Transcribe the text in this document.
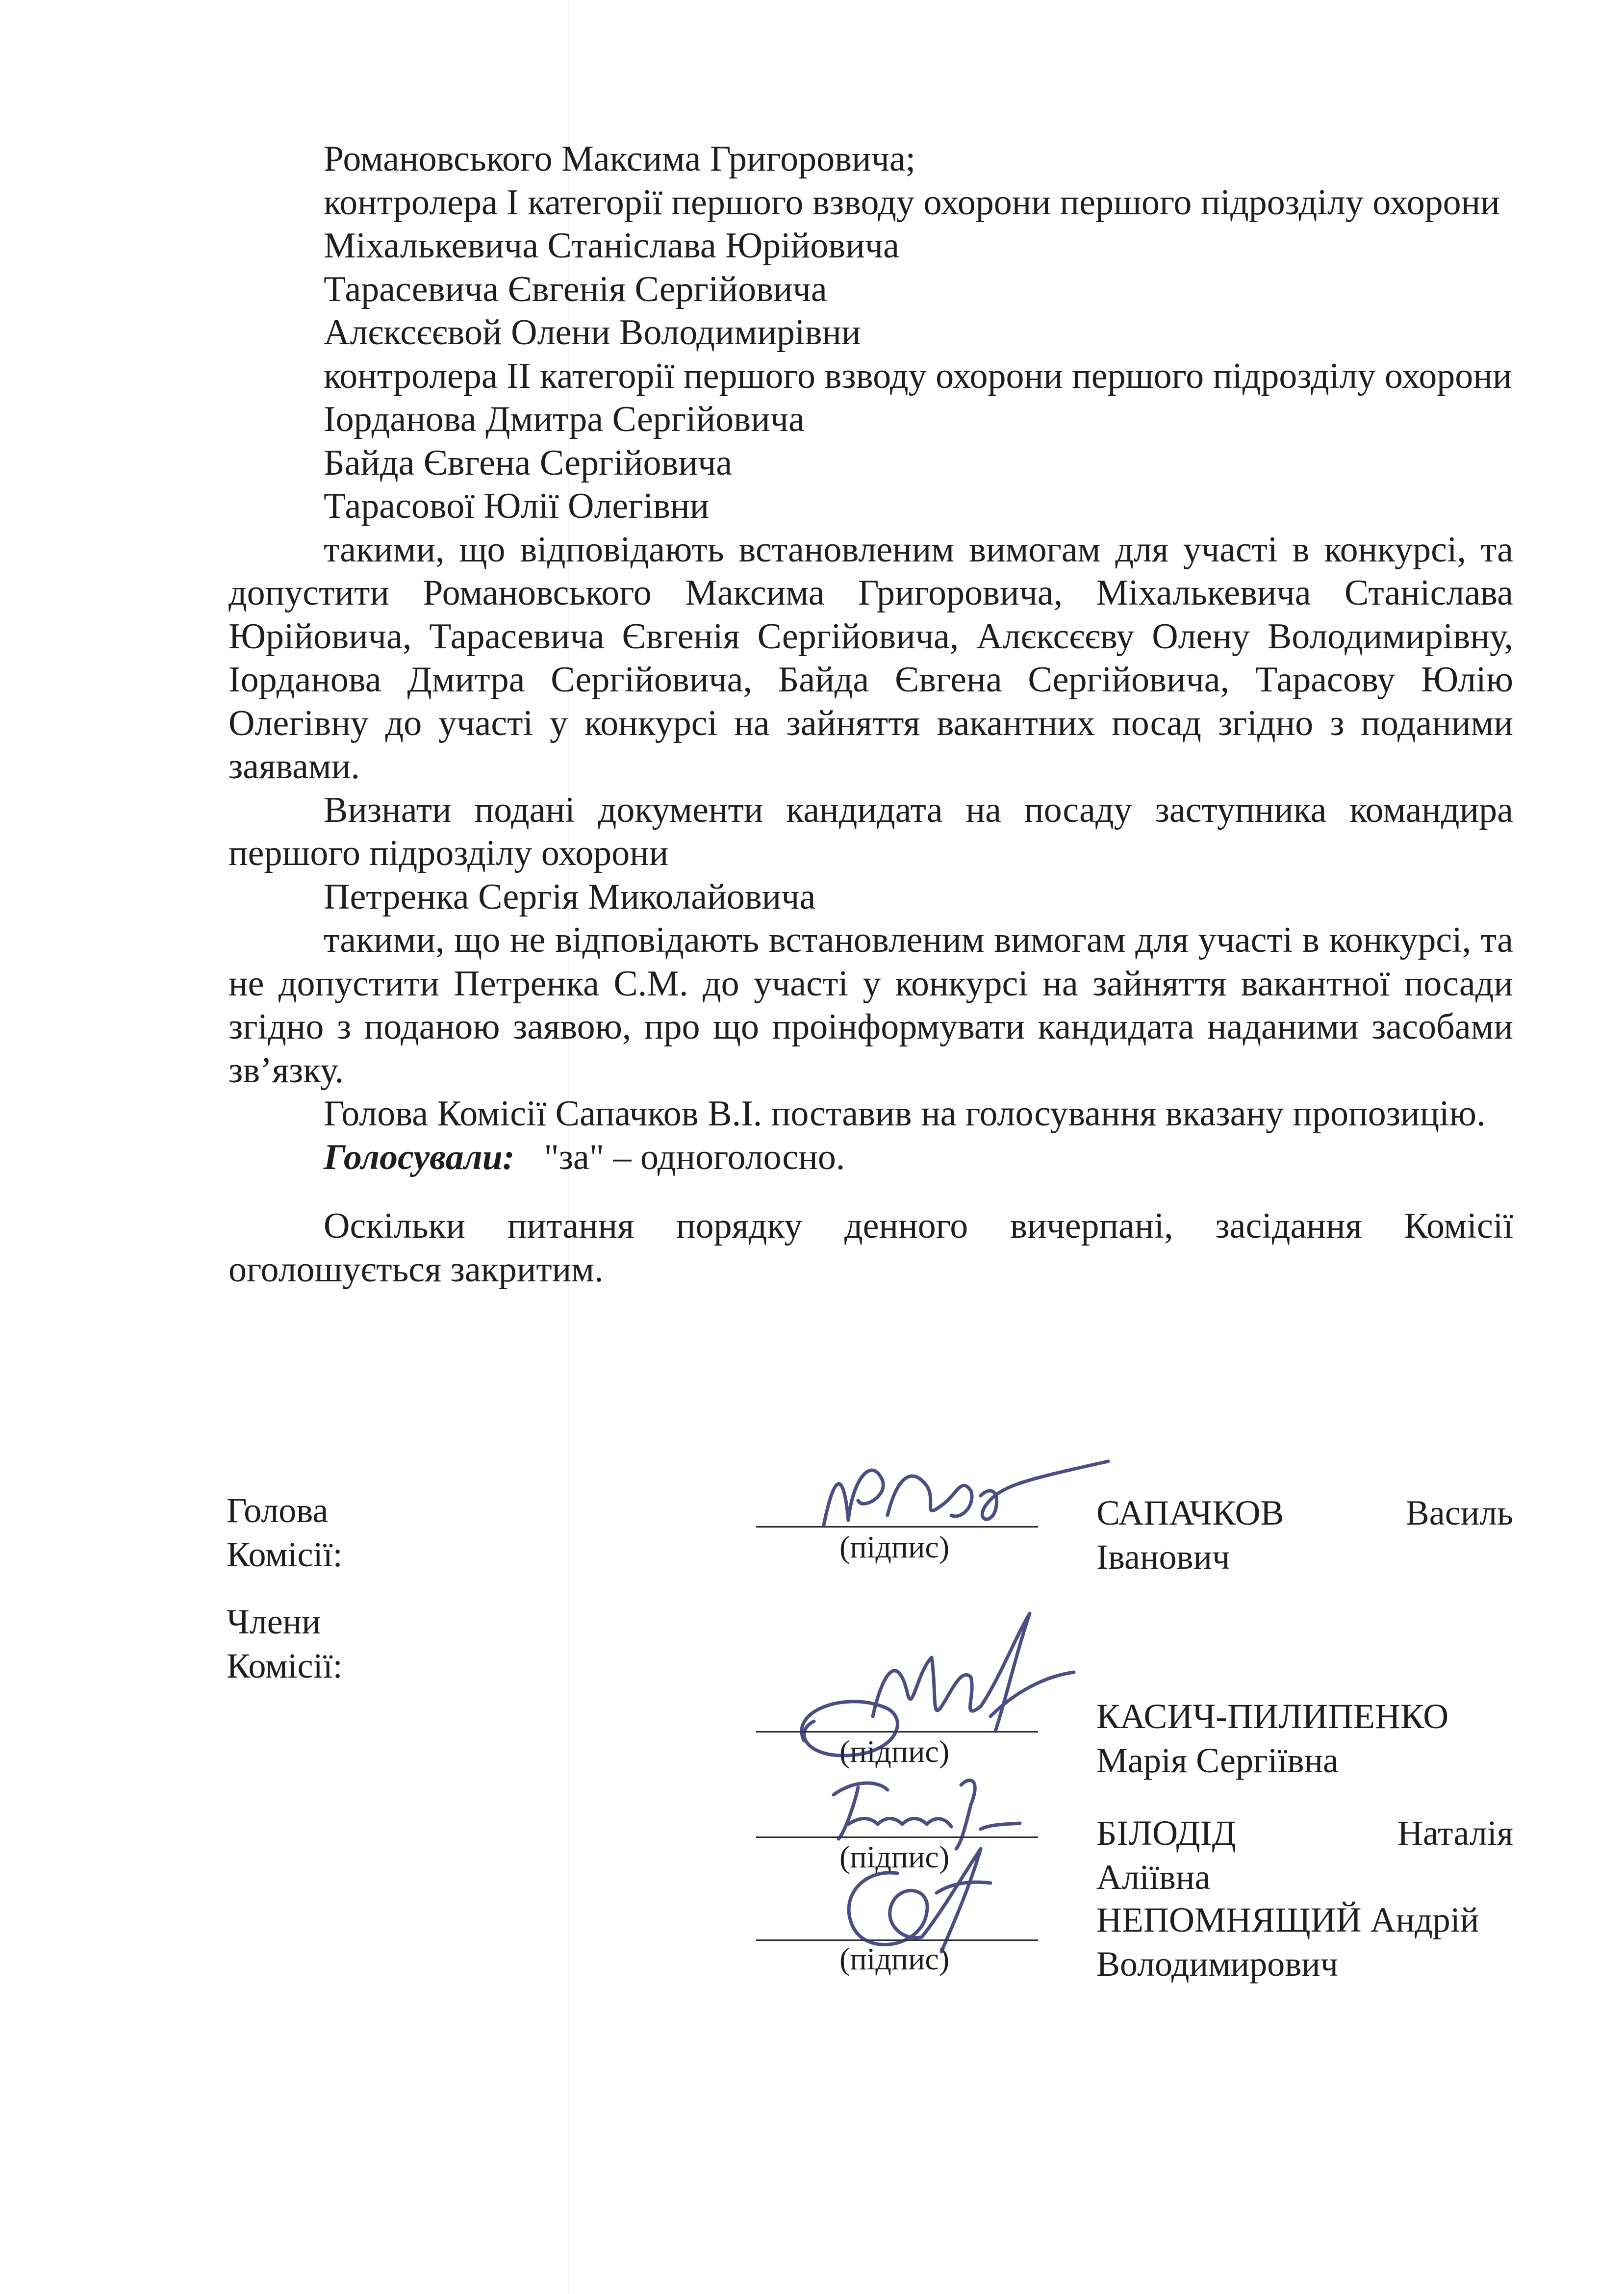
Романовського Максима Григоровича;

контролера І категорії першого взводу охорони першого підрозділу охорони

Міхалькевича Станіслава Юрійовича

Тарасевича Євгенія Сергійовича

Алєксєєвой Олени Володимирівни

контролера ІІ категорії першого взводу охорони першого підрозділу охорони

Іорданова Дмитра Сергійовича

Байда Євгена Сергійовича

Тарасової Юлії Олегівни

такими, що відповідають встановленим вимогам для участі в конкурсі, та допустити Романовського Максима Григоровича, Міхалькевича Станіслава Юрійовича, Тарасевича Євгенія Сергійовича, Алєксєєву Олену Володимирівну, Іорданова Дмитра Сергійовича, Байда Євгена Сергійовича, Тарасову Юлію Олегівну до участі у конкурсі на зайняття вакантних посад згідно з поданими заявами.

Визнати подані документи кандидата на посаду заступника командира першого підрозділу охорони

Петренка Сергія Миколайовича

такими, що не відповідають встановленим вимогам для участі в конкурсі, та не допустити Петренка С.М. до участі у конкурсі на зайняття вакантної посади згідно з поданою заявою, про що проінформувати кандидата наданими засобами зв’язку.

Голова Комісії Сапачков В.І. поставив на голосування вказану пропозицію.

Голосували: "за" – одноголосно.

Оскільки питання порядку денного вичерпані, засідання Комісії оголошується закритим.

Голова
Комісії:	(підпис)
САПАЧКОВ	Василь
Іванович
Члени
Комісії:
(підпис)
КАСИЧ-ПИЛИПЕНКО
Марія Сергіївна
(підпис)
БІЛОДІД	Наталія
Аліївна
(підпис)
НЕПОМНЯЩИЙ Андрій
Володимирович
